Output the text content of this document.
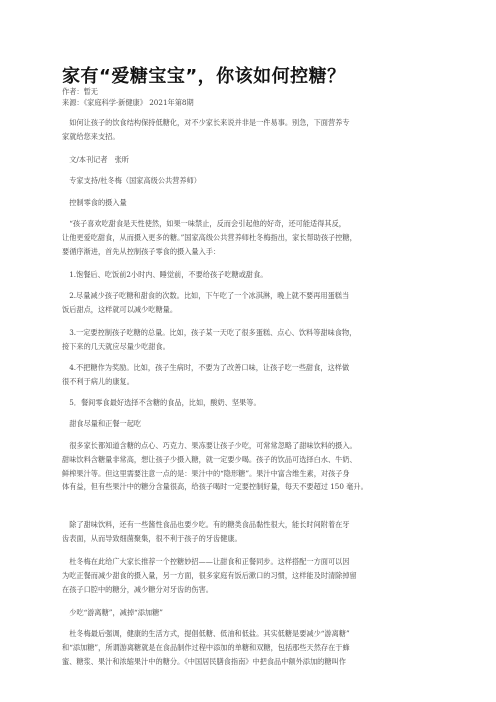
家有“爱糖宝宝”，你该如何控糖？
作者：暂无
来源：《家庭科学·新健康》 2021年第8期
　如何让孩子的饮食结构保持低糖化，对不少家长来说并非是一件易事。别急，下面营养专
家就给您来支招。
　文/本刊记者　张昕
　专家支持/杜冬梅（国家高级公共营养师）
　控制零食的摄入量
　“孩子喜欢吃甜食是天性使然，如果一味禁止，反而会引起他的好奇，还可能适得其反，
让他更爱吃甜食，从而摄入更多的糖。”国家高级公共营养师杜冬梅指出，家长帮助孩子控糖，
要循序渐进，首先从控制孩子零食的摄入量入手：
　1.饱餐后、吃饭前2小时内、睡觉前，不要给孩子吃糖或甜食。
　2.尽量减少孩子吃糖和甜食的次数。比如，下午吃了一个冰淇淋，晚上就不要再用蛋糕当
饭后甜点，这样就可以减少吃糖量。
　3.一定要控制孩子吃糖的总量。比如，孩子某一天吃了很多蛋糕、点心、饮料等甜味食物，
接下来的几天就应尽量少吃甜食。
　4.不把糖作为奖励。比如，孩子生病时，不要为了改善口味，让孩子吃一些甜食，这样做
很不利于病儿的康复。
　5．餐间零食最好选择不含糖的食品，比如，酸奶、坚果等。
　甜食尽量和正餐一起吃
　很多家长都知道含糖的点心、巧克力、果冻要让孩子少吃，可常常忽略了甜味饮料的摄入。
甜味饮料含糖量非常高，想让孩子少摄入糖，就一定要少喝。孩子的饮品可选择白水、牛奶、
鲜榨果汁等。但这里需要注意一点的是：果汁中的“隐形糖”。果汁中富含维生素，对孩子身
体有益，但有些果汁中的糖分含量很高，给孩子喝时一定要控制好量，每天不要超过 150 毫升。
　除了甜味饮料，还有一些酱性食品也要少吃。有的糖类食品黏性很大，能长时间附着在牙
齿表面，从而导致细菌聚集，很不利于孩子的牙齿健康。
　杜冬梅在此给广大家长推荐一个控糖妙招——让甜食和正餐同步。这样搭配一方面可以因
为吃正餐而减少甜食的摄入量，另一方面，很多家庭有饭后漱口的习惯，这样能及时清除掉留
在孩子口腔中的糖分，减少糖分对牙齿的伤害。
　少吃“游离糖”，减掉“添加糖”
　杜冬梅最后强调，健康的生活方式，提倡低糖、低油和低盐。其实低糖是要减少“游离糖”
和“添加糖”，所谓游离糖就是在食品制作过程中添加的单糖和双糖，包括那些天然存在于蜂
蜜、糖浆、果汁和浓缩果汁中的糖分。《中国居民膳食指南》中把食品中额外添加的糖叫作
